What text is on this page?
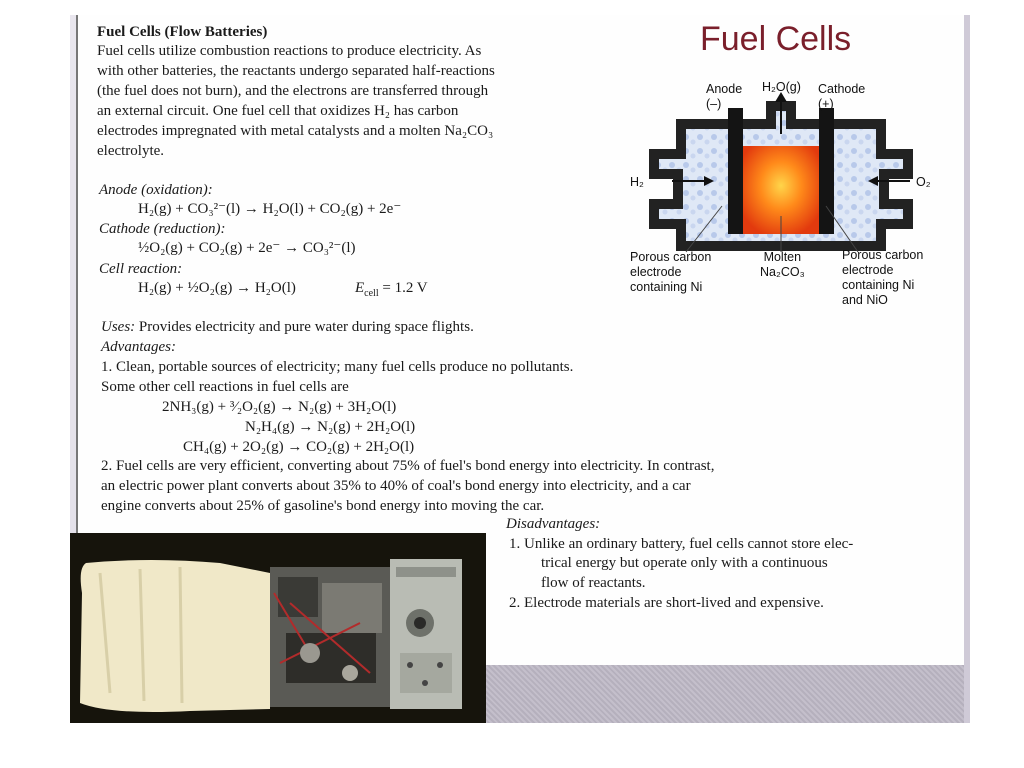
Fuel Cells
Fuel Cells (Flow Batteries)
Fuel cells utilize combustion reactions to produce electricity. As
with other batteries, the reactants undergo separated half-reactions
(the fuel does not burn), and the electrons are transferred through
an external circuit. One fuel cell that oxidizes H₂ has carbon
electrodes impregnated with metal catalysts and a molten Na₂CO₃
electrolyte.
Anode (oxidation):
H₂(g) + CO₃²⁻(l) → H₂O(l) + CO₂(g) + 2e⁻
Cathode (reduction):
½O₂(g) + CO₂(g) + 2e⁻ → CO₃²⁻(l)
Cell reaction:
H₂(g) + ½O₂(g) → H₂O(l)	$E_{cell} = 1.2$ V
Uses: Provides electricity and pure water during space flights.
Advantages:
1. Clean, portable sources of electricity; many fuel cells produce no pollutants.
Some other cell reactions in fuel cells are
2NH₃(g) + ³⁄₂O₂(g) → N₂(g) + 3H₂O(l)
N₂H₄(g) → N₂(g) + 2H₂O(l)
CH₄(g) + 2O₂(g) → CO₂(g) + 2H₂O(l)
2. Fuel cells are very efficient, converting about 75% of fuel's bond energy into electricity. In contrast,
an electric power plant converts about 35% to 40% of coal's bond energy into electricity, and a car
engine converts about 25% of gasoline's bond energy into moving the car.
Disadvantages:
1. Unlike an ordinary battery, fuel cells cannot store elec-
trical energy but operate only with a continuous
flow of reactants.
2. Electrode materials are short-lived and expensive.
Anode
(–)
H₂O(g) Cathode
(+)
H₂	O₂
Porous carbon
electrode
containing Ni
Molten
Na₂CO₃
Porous carbon
electrode
containing Ni
and NiO
